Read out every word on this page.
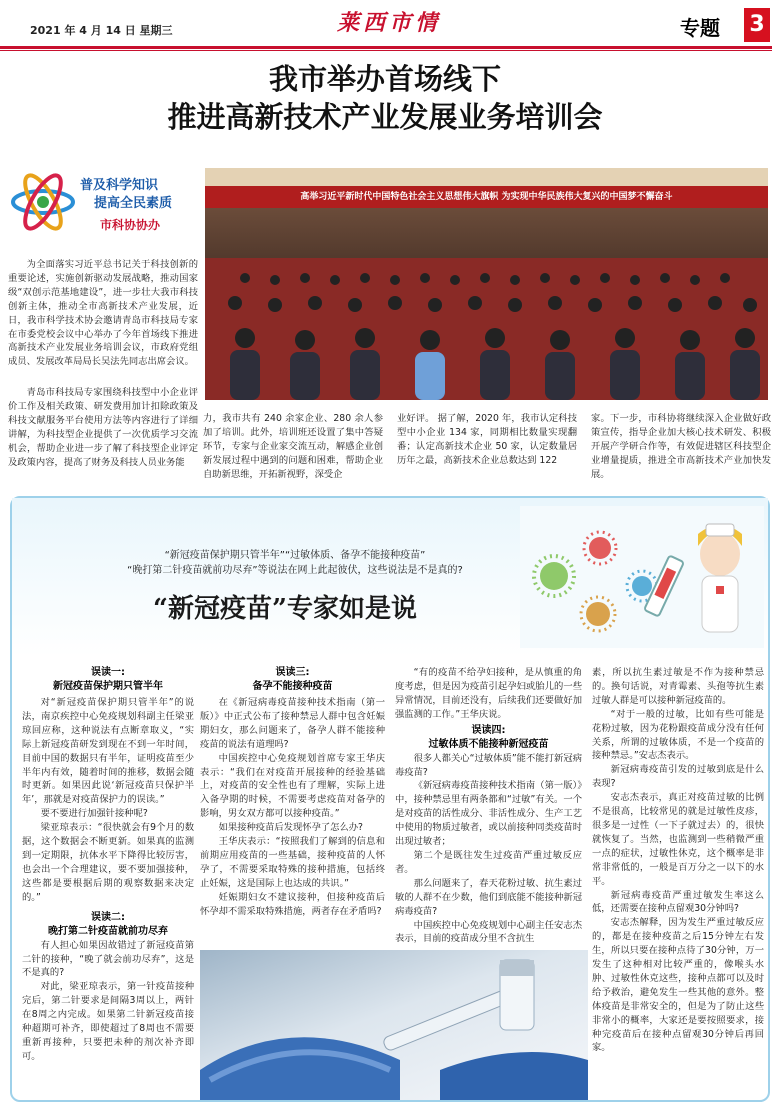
2021 年 4 月 14 日 星期三	莱西市情	专题 3
我市举办首场线下
推进高新技术产业发展业务培训会
普及科学知识
提高全民素质
市科协协办
高举习近平新时代中国特色社会主义思想伟大旗帜 为实现中华民族伟大复兴的中国梦不懈奋斗
为全面落实习近平总书记关于科技创新的重要论述，实施创新驱动发展战略，推动国家级“双创示范基地建设”，进一步壮大我市科技创新主体，推动全市高新技术产业发展，近日，我市科学技术协会邀请青岛市科技局专家在市委党校会议中心举办了今年首场线下推进高新技术产业发展业务培训会议，市政府党组成员、发展改革局局长吴法先同志出席会议。
青岛市科技局专家围绕科技型中小企业评价工作及相关政策、研发费用加计扣除政策及科技文献服务平台使用方法等内容进行了详细讲解，为科技型企业提供了一次优质学习交流机会，帮助企业进一步了解了科技型企业评定及政策内容，提高了财务及科技人员业务能
力，我市共有 240 余家企业、280 余人参加了培训。此外，培训班还设置了集中答疑环节，专家与企业家交流互动，解感企业创新发展过程中遇到的问题和困难，帮助企业自助新思维，开拓新视野，深受企
业好评。 据了解，2020 年，我市认定科技型中小企业 134 家，同期相比数量实现翻番；认定高新技术企业 50 家，认定数量居历年之最，高新技术企业总数达到 122
家。下一步，市科协将继续深入企业做好政策宣传，指导企业加大核心技术研发、积极开展产学研合作等，有效促进辖区科技型企业增量提质，推进全市高新技术产业加快发展。
“新冠疫苗保护期只管半年”“过敏体质、备孕不能接种疫苗”
“晚打第二针疫苗就前功尽弃”等说法在网上此起彼伏，这些说法是不是真的?
“新冠疫苗”专家如是说
误读一:
新冠疫苗保护期只管半年
对“新冠疫苗保护期只管半年”的说法，南京疾控中心免疫规划科副主任梁亚琼回应称，这种说法有点断章取义，“实际上新冠疫苗研发到现在不到一年时间，目前中国的数据只有半年，证明疫苗至少半年内有效，随着时间的推移，数据会随时更新。如果因此说‘新冠疫苗只保护半年’，那就是对疫苗保护力的误读。”
要不要进行加强针接种呢?
梁亚琼表示：“很快就会有9个月的数据，这个数据会不断更新。如果真的监测到一定期限，抗体水平下降得比较厉害，也会出一个合理建议，要不要加强接种，这些都是要根据后期的观察数据来决定的。”
误读二:
晚打第二针疫苗就前功尽弃
有人担心如果因故错过了新冠疫苗第二针的接种，“晚了就会前功尽弃”，这是不是真的?
对此，梁亚琼表示，第一针疫苗接种完后，第二针要求是间隔3周以上，两针在8周之内完成。如果第二针新冠疫苗接种超期可补齐，即使超过了8周也不需要重新再接种，只要把未种的剂次补齐即可。
误读三:
备孕不能接种疫苗
在《新冠病毒疫苗接种技术指南（第一版）》中正式公布了接种禁忌人群中包含妊娠期妇女，那么问题来了，备孕人群不能接种疫苗的说法有道理吗?
中国疾控中心免疫规划首席专家王华庆表示：“我们在对疫苗开展接种的经验基础上，对疫苗的安全性也有了理解，实际上进入备孕期的时候，不需要考虑疫苗对备孕的影响，男女双方都可以接种疫苗。”
如果接种疫苗后发现怀孕了怎么办?
王华庆表示：“按照我们了解到的信息和前期应用疫苗的一些基础，接种疫苗的人怀孕了，不需要采取特殊的接种措施，包括终止妊娠，这是国际上也达成的共识。”
妊娠期妇女不建议接种，但接种疫苗后怀孕却不需采取特殊措施，两者存在矛盾吗?
“有的疫苗不给孕妇接种，是从慎重的角度考虑，但是因为疫苗引起孕妇或胎儿的一些异常情况，目前还没有，后续我们还要做好加强监测的工作。”王华庆说。
误读四:
过敏体质不能接种新冠疫苗
很多人都关心“过敏体质”能不能打新冠病毒疫苗?
《新冠病毒疫苗接种技术指南（第一版）》中，接种禁忌里有两条都和“过敏”有关。一个是对疫苗的活性成分、非活性成分、生产工艺中使用的物质过敏者，或以前接种同类疫苗时出现过敏者；
第二个是既往发生过疫苗严重过敏反应者。
那么问题来了，春天花粉过敏、抗生素过敏的人群不在少数，他们到底能不能接种新冠病毒疫苗?
中国疾控中心免疫规划中心副主任安志杰表示，目前的疫苗成分里不含抗生
素，所以抗生素过敏是不作为接种禁忌的。换句话说，对青霉素、头孢等抗生素过敏人群是可以接种新冠疫苗的。
“对于一般的过敏，比如有些可能是花粉过敏，因为花粉跟疫苗成分没有任何关系，所谓的过敏体质，不是一个疫苗的接种禁忌。”安志杰表示。
新冠病毒疫苗引发的过敏到底是什么表现?
安志杰表示，真正对疫苗过敏的比例不是很高，比较常见的就是过敏性皮疹，很多是一过性（一下子就过去）的，很快就恢复了。当然，也监测到一些稍微严重一点的症状，过敏性休克，这个概率是非常非常低的，一般是百万分之一以下的水平。
新冠病毒疫苗严重过敏发生率这么低，还需要在接种点留观30分钟吗?
安志杰解释，因为发生严重过敏反应的，都是在接种疫苗之后15分钟左右发生，所以只要在接种点待了30分钟，万一发生了这种相对比较严重的，像喉头水肿、过敏性休克这些，接种点都可以及时给予救治，避免发生一些其他的意外。整体疫苗是非常安全的，但是为了防止这些非常小的概率，大家还是要按照要求，接种完疫苗后在接种点留观30分钟后再回家。
